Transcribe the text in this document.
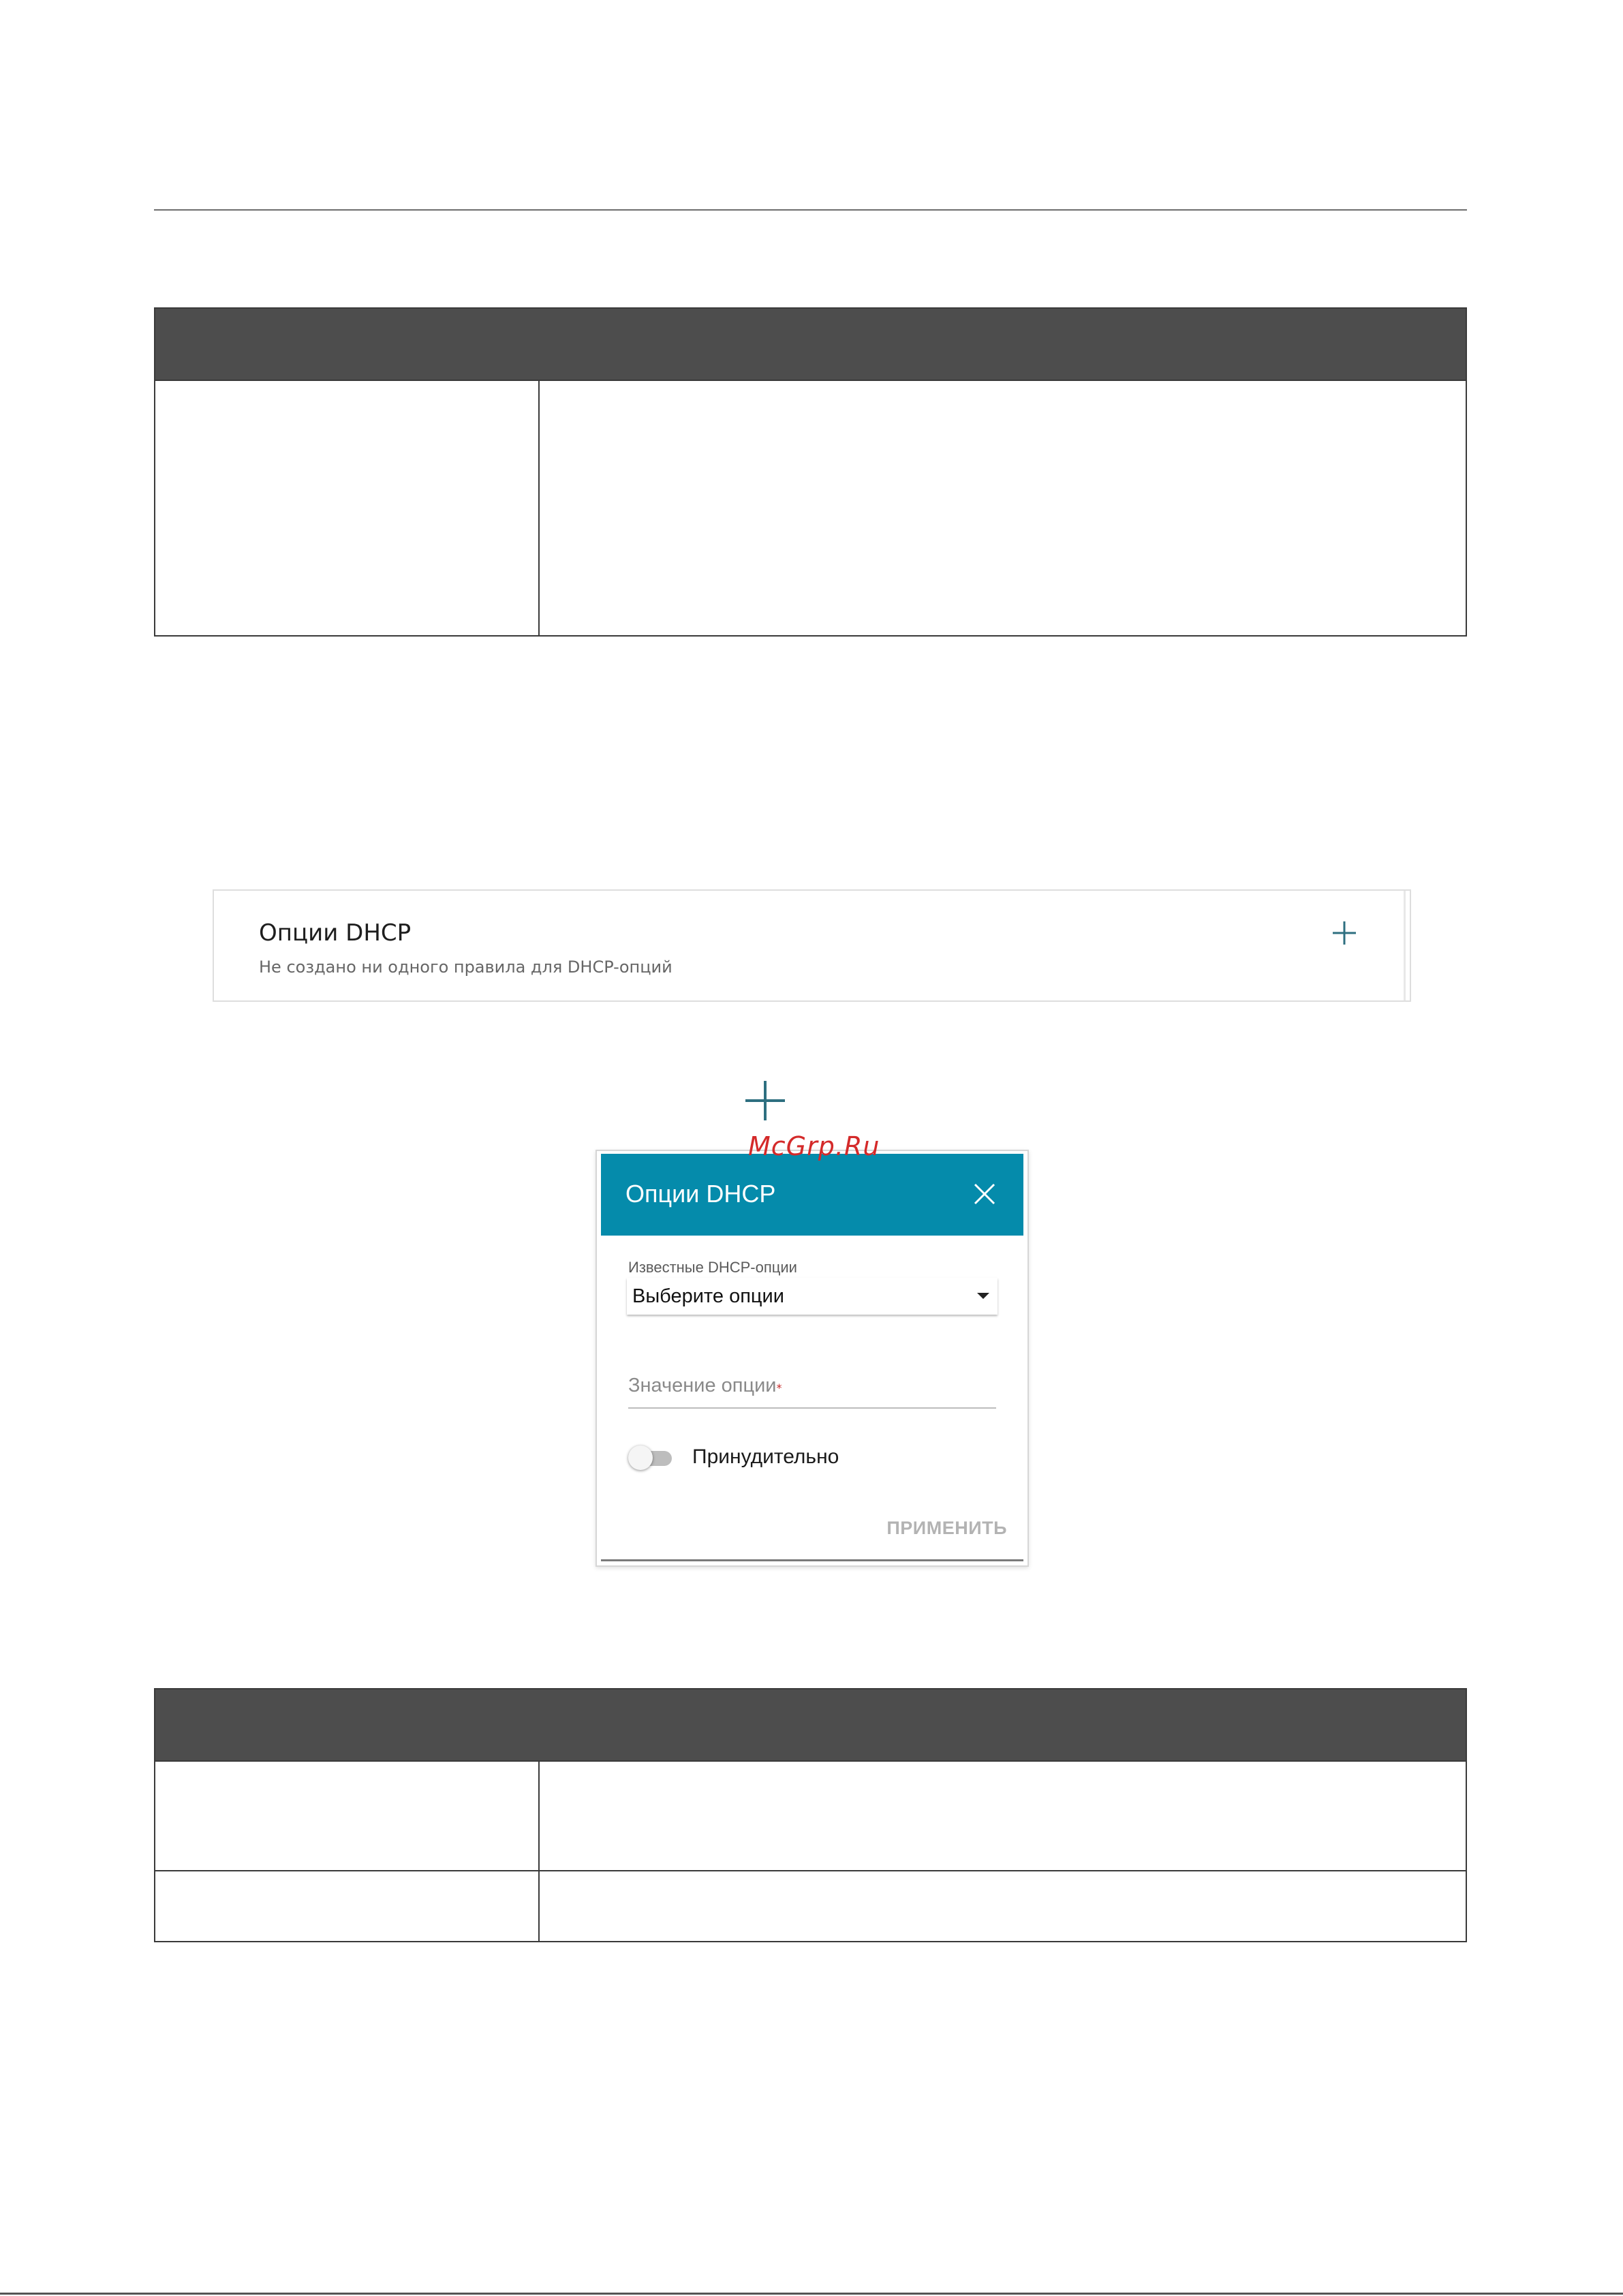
Опции DHCP
Не создано ни одного правила для DHCP-опций
Опции DHCP
Известные DHCP-опции
Выберите опции
Значение опции*
Принудительно
ПРИМЕНИТЬ
McGrp.Ru
